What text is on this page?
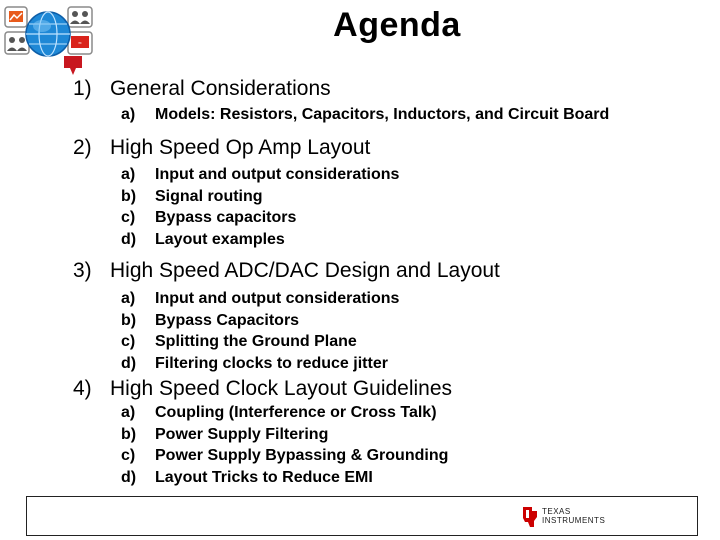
≈	Agenda
1) General Considerations
a) Models: Resistors, Capacitors, Inductors, and Circuit Board
2) High Speed Op Amp Layout
a) Input and output considerations
b) Signal routing
c) Bypass capacitors
d) Layout examples
3) High Speed ADC/DAC Design and Layout
a) Input and output considerations
b) Bypass Capacitors
c) Splitting the Ground Plane
d) Filtering clocks to reduce jitter
4) High Speed Clock Layout Guidelines
a) Coupling (Interference or Cross Talk)
b) Power Supply Filtering
c) Power Supply Bypassing & Grounding
d) Layout Tricks to Reduce EMI
TEXAS
INSTRUMENTS
